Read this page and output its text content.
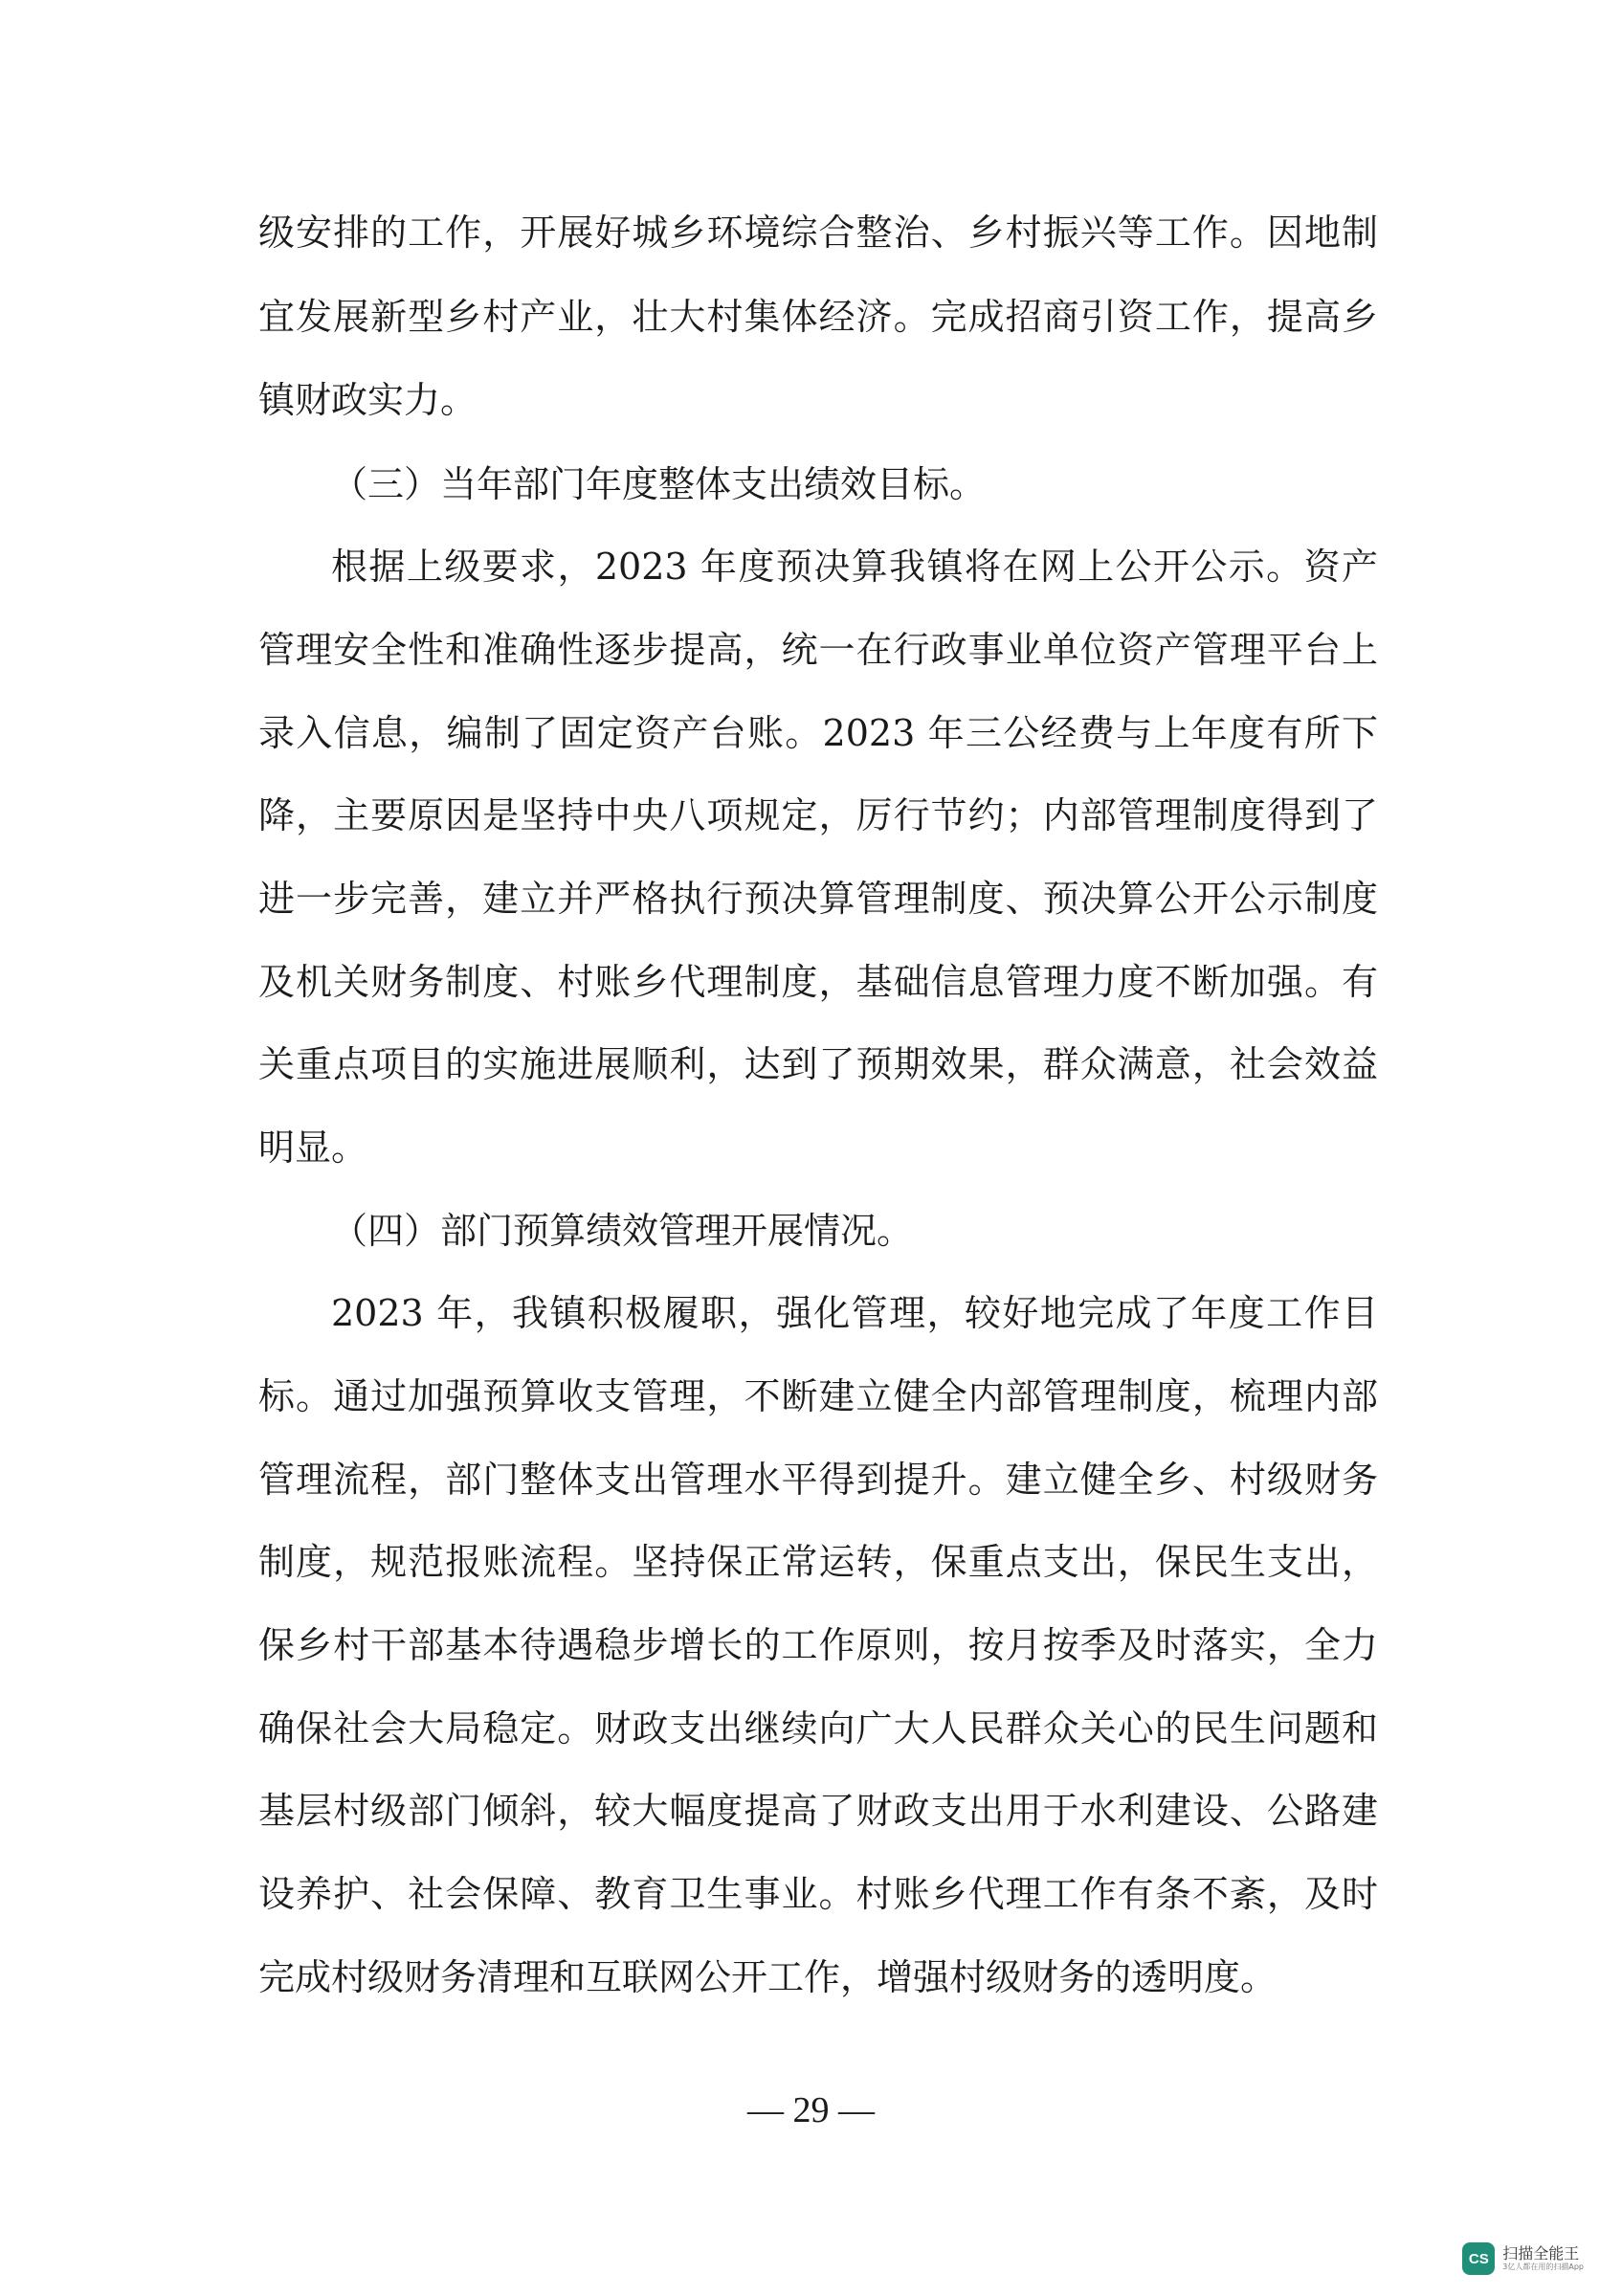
级安排的工作，开展好城乡环境综合整治、乡村振兴等工作。因地制
宜发展新型乡村产业，壮大村集体经济。完成招商引资工作，提高乡
镇财政实力。
（三）当年部门年度整体支出绩效目标。
根据上级要求，2023 年度预决算我镇将在网上公开公示。资产
管理安全性和准确性逐步提高，统一在行政事业单位资产管理平台上
录入信息，编制了固定资产台账。2023 年三公经费与上年度有所下
降，主要原因是坚持中央八项规定，厉行节约；内部管理制度得到了
进一步完善，建立并严格执行预决算管理制度、预决算公开公示制度
及机关财务制度、村账乡代理制度，基础信息管理力度不断加强。有
关重点项目的实施进展顺利，达到了预期效果，群众满意，社会效益
明显。
（四）部门预算绩效管理开展情况。
2023 年，我镇积极履职，强化管理，较好地完成了年度工作目
标。通过加强预算收支管理，不断建立健全内部管理制度，梳理内部
管理流程，部门整体支出管理水平得到提升。建立健全乡、村级财务
制度，规范报账流程。坚持保正常运转，保重点支出，保民生支出，
保乡村干部基本待遇稳步增长的工作原则，按月按季及时落实，全力
确保社会大局稳定。财政支出继续向广大人民群众关心的民生问题和
基层村级部门倾斜，较大幅度提高了财政支出用于水利建设、公路建
设养护、社会保障、教育卫生事业。村账乡代理工作有条不紊，及时
完成村级财务清理和互联网公开工作，增强村级财务的透明度。
— 29 —
CS 扫描全能王
3亿人都在用的扫描App
